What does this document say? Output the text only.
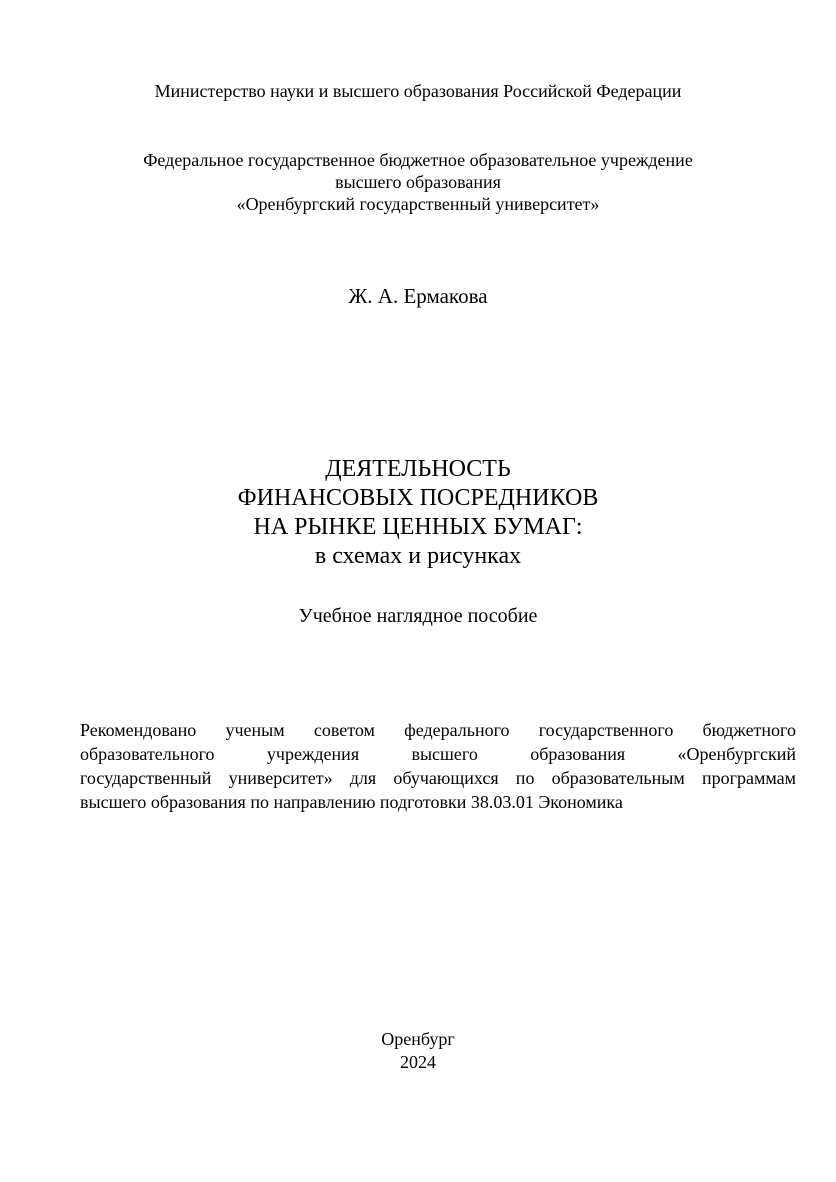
Министерство науки и высшего образования Российской Федерации
Федеральное государственное бюджетное образовательное учреждение
высшего образования
«Оренбургский государственный университет»
Ж. А. Ермакова
ДЕЯТЕЛЬНОСТЬ
ФИНАНСОВЫХ ПОСРЕДНИКОВ
НА РЫНКЕ ЦЕННЫХ БУМАГ:
в схемах и рисунках
Учебное наглядное пособие
Рекомендовано ученым советом федерального государственного бюджетного
образовательного учреждения высшего образования «Оренбургский
государственный университет» для обучающихся по образовательным программам
высшего образования по направлению подготовки 38.03.01 Экономика
Оренбург
2024
